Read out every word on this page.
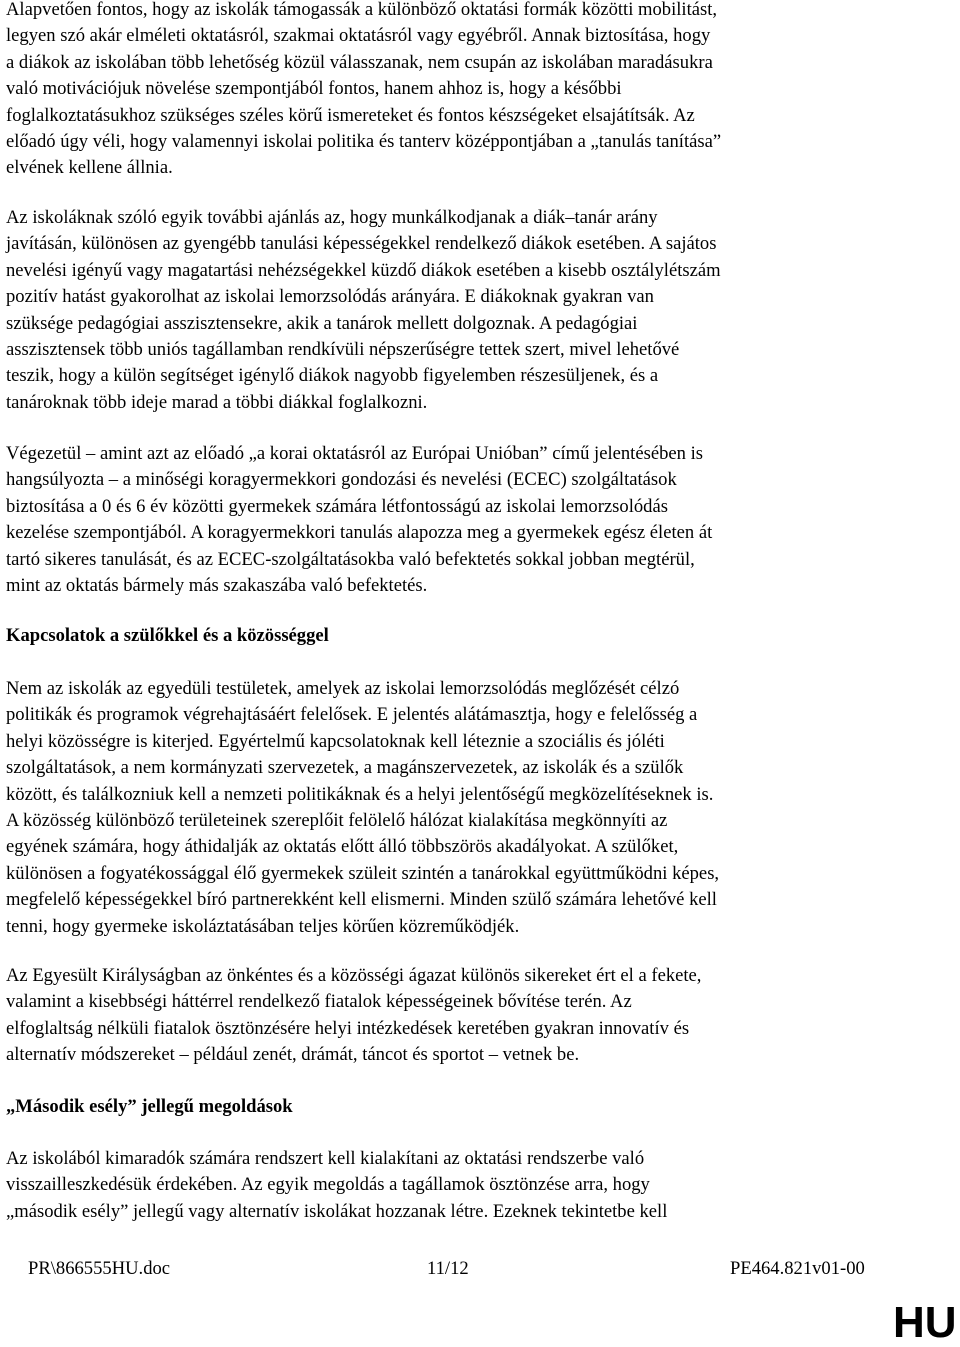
Alapvetően fontos, hogy az iskolák támogassák a különböző oktatási formák közötti mobilitást,
legyen szó akár elméleti oktatásról, szakmai oktatásról vagy egyébről. Annak biztosítása, hogy
a diákok az iskolában több lehetőség közül válasszanak, nem csupán az iskolában maradásukra
való motivációjuk növelése szempontjából fontos, hanem ahhoz is, hogy a későbbi
foglalkoztatásukhoz szükséges széles körű ismereteket és fontos készségeket elsajátítsák. Az
előadó úgy véli, hogy valamennyi iskolai politika és tanterv középpontjában a „tanulás tanítása”
elvének kellene állnia.

Az iskoláknak szóló egyik további ajánlás az, hogy munkálkodjanak a diák–tanár arány
javításán, különösen az gyengébb tanulási képességekkel rendelkező diákok esetében. A sajátos
nevelési igényű vagy magatartási nehézségekkel küzdő diákok esetében a kisebb osztálylétszám
pozitív hatást gyakorolhat az iskolai lemorzsolódás arányára. E diákoknak gyakran van
szüksége pedagógiai asszisztensekre, akik a tanárok mellett dolgoznak. A pedagógiai
asszisztensek több uniós tagállamban rendkívüli népszerűségre tettek szert, mivel lehetővé
teszik, hogy a külön segítséget igénylő diákok nagyobb figyelemben részesüljenek, és a
tanároknak több ideje marad a többi diákkal foglalkozni.

Végezetül – amint azt az előadó „a korai oktatásról az Európai Unióban” című jelentésében is
hangsúlyozta – a minőségi koragyermekkori gondozási és nevelési (ECEC) szolgáltatások
biztosítása a 0 és 6 év közötti gyermekek számára létfontosságú az iskolai lemorzsolódás
kezelése szempontjából. A koragyermekkori tanulás alapozza meg a gyermekek egész életen át
tartó sikeres tanulását, és az ECEC-szolgáltatásokba való befektetés sokkal jobban megtérül,
mint az oktatás bármely más szakaszába való befektetés.

Kapcsolatok a szülőkkel és a közösséggel

Nem az iskolák az egyedüli testületek, amelyek az iskolai lemorzsolódás meglőzését célzó
politikák és programok végrehajtásáért felelősek. E jelentés alátámasztja, hogy e felelősség a
helyi közösségre is kiterjed. Egyértelmű kapcsolatoknak kell léteznie a szociális és jóléti
szolgáltatások, a nem kormányzati szervezetek, a magánszervezetek, az iskolák és a szülők
között, és találkozniuk kell a nemzeti politikáknak és a helyi jelentőségű megközelítéseknek is.
A közösség különböző területeinek szereplőit felölelő hálózat kialakítása megkönnyíti az
egyének számára, hogy áthidalják az oktatás előtt álló többszörös akadályokat. A szülőket,
különösen a fogyatékossággal élő gyermekek szüleit szintén a tanárokkal együttműködni képes,
megfelelő képességekkel bíró partnerekként kell elismerni. Minden szülő számára lehetővé kell
tenni, hogy gyermeke iskoláztatásában teljes körűen közreműködjék.

Az Egyesült Királyságban az önkéntes és a közösségi ágazat különös sikereket ért el a fekete,
valamint a kisebbségi háttérrel rendelkező fiatalok képességeinek bővítése terén. Az
elfoglaltság nélküli fiatalok ösztönzésére helyi intézkedések keretében gyakran innovatív és
alternatív módszereket – például zenét, drámát, táncot és sportot – vetnek be.

„Második esély” jellegű megoldások

Az iskolából kimaradók számára rendszert kell kialakítani az oktatási rendszerbe való
visszailleszkedésük érdekében. Az egyik megoldás a tagállamok ösztönzése arra, hogy
„második esély” jellegű vagy alternatív iskolákat hozzanak létre. Ezeknek tekintetbe kell

PR\866555HU.doc	11/12	PE464.821v01-00
HU
